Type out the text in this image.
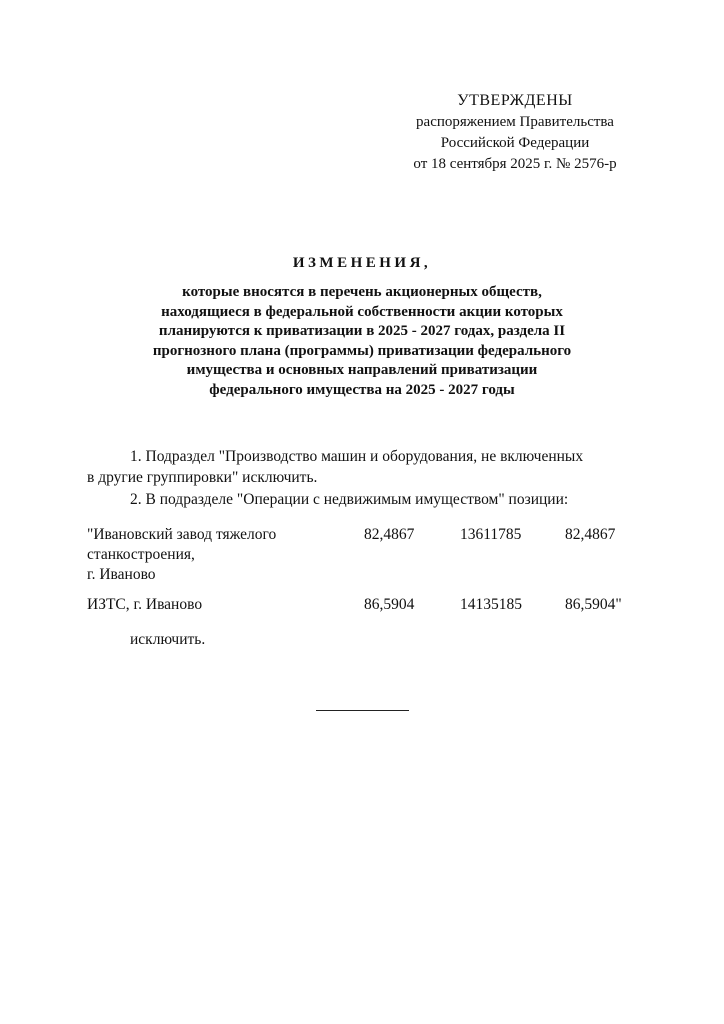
УТВЕРЖДЕНЫ
распоряжением Правительства
Российской Федерации
от 18 сентября 2025 г. № 2576-р
ИЗМЕНЕНИЯ,
которые вносятся в перечень акционерных обществ,
находящиеся в федеральной собственности акции которых
планируются к приватизации в 2025 - 2027 годах, раздела II
прогнозного плана (программы) приватизации федерального
имущества и основных направлений приватизации
федерального имущества на 2025 - 2027 годы
1. Подраздел "Производство машин и оборудования, не включенных
в другие группировки" исключить.
2. В подразделе "Операции с недвижимым имуществом" позиции:
"Ивановский завод тяжелого
станкостроения,
г. Иваново
82,4867	13611785	82,4867
ИЗТС, г. Иваново	86,5904	14135185	86,5904"
исключить.
